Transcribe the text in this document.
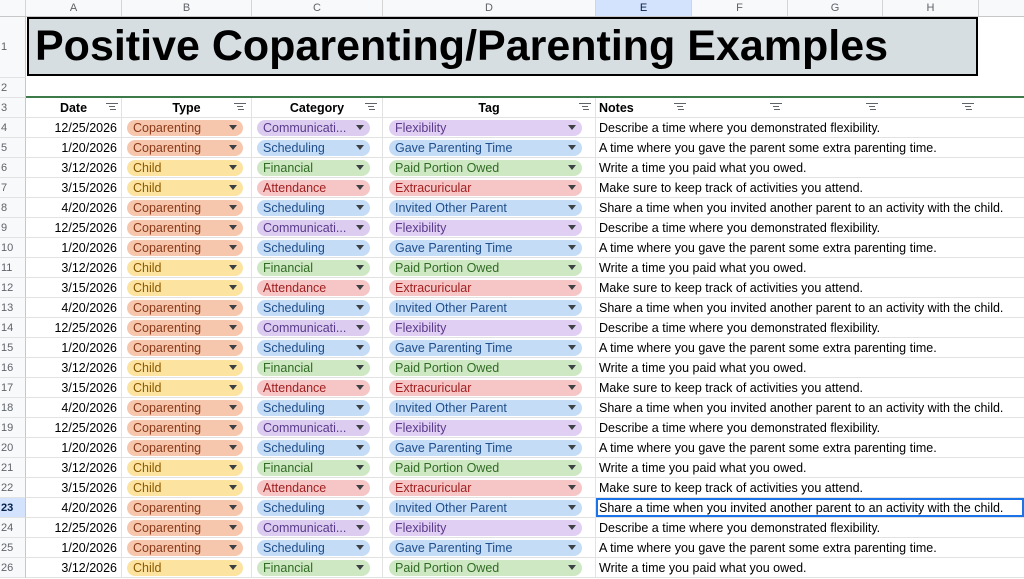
A	B	C	D	E	F	G	H
1
2
3
Positive Coparenting/Parenting Examples
Date	Type	Category	Tag	Notes
4	12/25/2026	Coparenting	Communicati...	Flexibility	Describe a time where you demonstrated flexibility.
5	1/20/2026	Coparenting	Scheduling	Gave Parenting Time	A time where you gave the parent some extra parenting time.
6	3/12/2026	Child	Financial	Paid Portion Owed	Write a time you paid what you owed.
7	3/15/2026	Child	Attendance	Extracuricular	Make sure to keep track of activities you attend.
8	4/20/2026	Coparenting	Scheduling	Invited Other Parent	Share a time when you invited another parent to an activity with the child.
9	12/25/2026	Coparenting	Communicati...	Flexibility	Describe a time where you demonstrated flexibility.
10	1/20/2026	Coparenting	Scheduling	Gave Parenting Time	A time where you gave the parent some extra parenting time.
11	3/12/2026	Child	Financial	Paid Portion Owed	Write a time you paid what you owed.
12	3/15/2026	Child	Attendance	Extracuricular	Make sure to keep track of activities you attend.
13	4/20/2026	Coparenting	Scheduling	Invited Other Parent	Share a time when you invited another parent to an activity with the child.
14	12/25/2026	Coparenting	Communicati...	Flexibility	Describe a time where you demonstrated flexibility.
15	1/20/2026	Coparenting	Scheduling	Gave Parenting Time	A time where you gave the parent some extra parenting time.
16	3/12/2026	Child	Financial	Paid Portion Owed	Write a time you paid what you owed.
17	3/15/2026	Child	Attendance	Extracuricular	Make sure to keep track of activities you attend.
18	4/20/2026	Coparenting	Scheduling	Invited Other Parent	Share a time when you invited another parent to an activity with the child.
19	12/25/2026	Coparenting	Communicati...	Flexibility	Describe a time where you demonstrated flexibility.
20	1/20/2026	Coparenting	Scheduling	Gave Parenting Time	A time where you gave the parent some extra parenting time.
21	3/12/2026	Child	Financial	Paid Portion Owed	Write a time you paid what you owed.
22	3/15/2026	Child	Attendance	Extracuricular	Make sure to keep track of activities you attend.
23	4/20/2026	Coparenting	Scheduling	Invited Other Parent	Share a time when you invited another parent to an activity with the child.
24	12/25/2026	Coparenting	Communicati...	Flexibility	Describe a time where you demonstrated flexibility.
25	1/20/2026	Coparenting	Scheduling	Gave Parenting Time	A time where you gave the parent some extra parenting time.
26	3/12/2026	Child	Financial	Paid Portion Owed	Write a time you paid what you owed.
